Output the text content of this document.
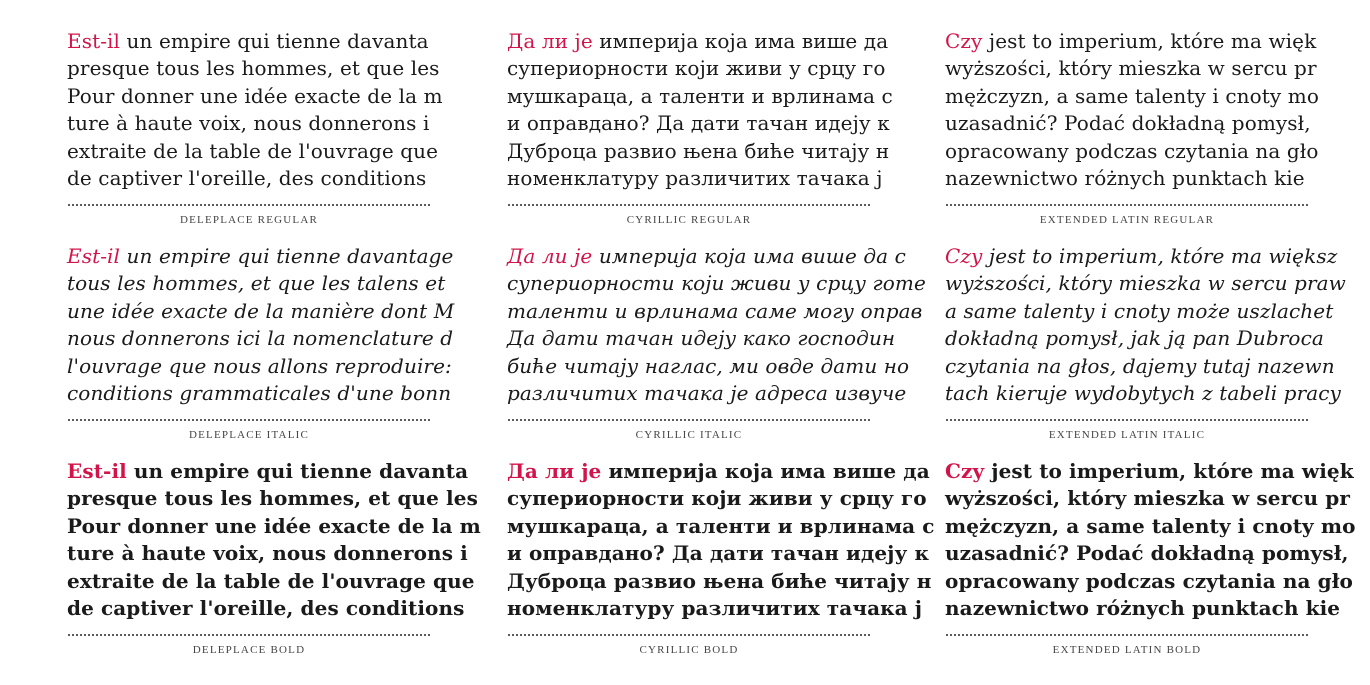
Est-il un empire qui tienne davanta
presque tous les hommes, et que les
Pour donner une idée exacte de la m
ture à haute voix, nous donnerons i
extraite de la table de l'ouvrage que
de captiver l'oreille, des conditions

DELEPLACE REGULAR

Est-il un empire qui tienne davantage
tous les hommes, et que les talens et
une idée exacte de la manière dont M
nous donnerons ici la nomenclature d
l'ouvrage que nous allons reproduire:
conditions grammaticales d'une bonn

DELEPLACE ITALIC

Est-il un empire qui tienne davanta
presque tous les hommes, et que les
Pour donner une idée exacte de la m
ture à haute voix, nous donnerons i
extraite de la table de l'ouvrage que
de captiver l'oreille, des conditions

DELEPLACE BOLD

Да ли је империја која има више да
супериорности који живи у срцу го
мушкараца, а таленти и врлинама с
и оправдано? Да дати тачан идеју к
Дуброца развио њена биће читају н
номенклатуру различитих тачака ј

CYRILLIC REGULAR

Да ли је империја која има више да с
супериорности који живи у срцу готе
таленти и врлинама саме могу оправ
Да дати тачан идеју како господин
биће читају наглас, ми овде дати но
различитих тачака је адреса извуче

CYRILLIC ITALIC

Да ли је империја која има више да
супериорности који живи у срцу го
мушкараца, а таленти и врлинама с
и оправдано? Да дати тачан идеју к
Дуброца развио њена биће читају н
номенклатуру различитих тачака ј

CYRILLIC BOLD

Czy jest to imperium, które ma więk
wyższości, który mieszka w sercu pr
mężczyzn, a same talenty i cnoty mo
uzasadnić? Podać dokładną pomysł,
opracowany podczas czytania na gło
nazewnictwo różnych punktach kie

EXTENDED LATIN REGULAR

Czy jest to imperium, które ma większ
wyższości, który mieszka w sercu praw
a same talenty i cnoty może uszlachet
dokładną pomysł, jak ją pan Dubroca
czytania na głos, dajemy tutaj nazewn
tach kieruje wydobytych z tabeli pracy

EXTENDED LATIN ITALIC

Czy jest to imperium, które ma więk
wyższości, który mieszka w sercu pr
mężczyzn, a same talenty i cnoty mo
uzasadnić? Podać dokładną pomysł,
opracowany podczas czytania na gło
nazewnictwo różnych punktach kie

EXTENDED LATIN BOLD
